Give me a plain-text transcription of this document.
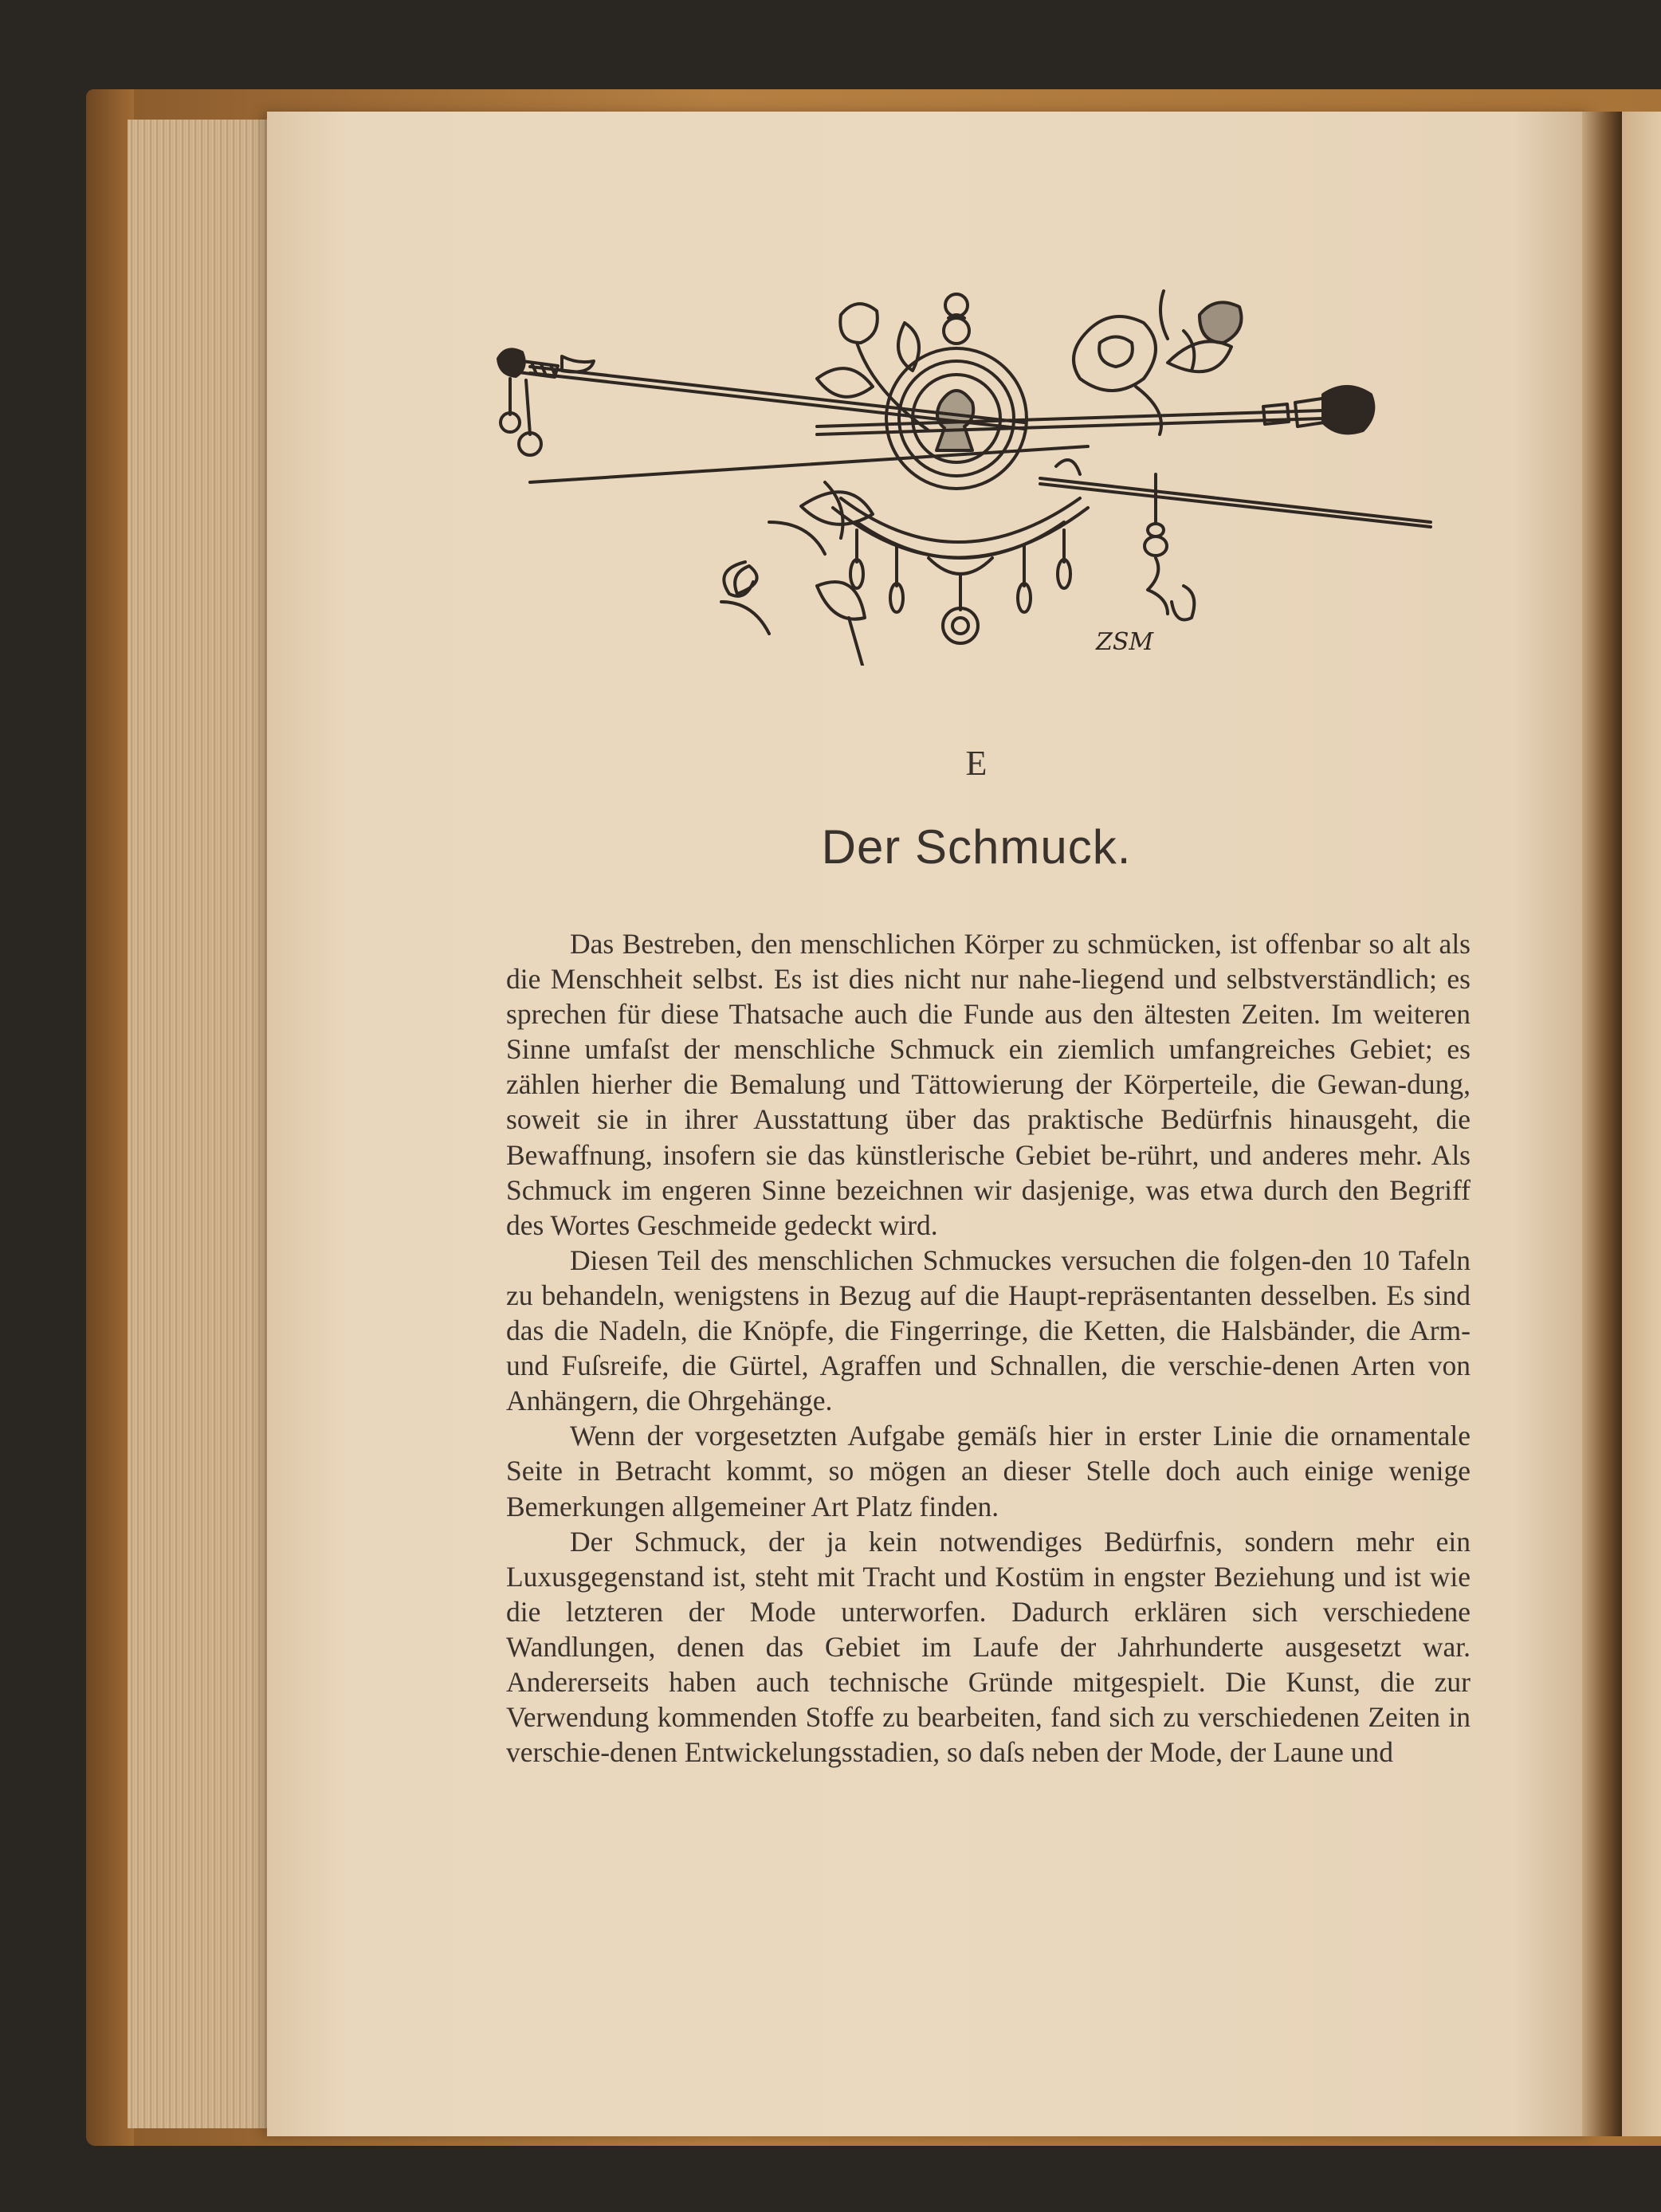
ZSM

E

Der Schmuck.

Das Bestreben, den menschlichen Körper zu schmücken, ist offenbar so alt als die Menschheit selbst. Es ist dies nicht nur nahe-liegend und selbstverständlich; es sprechen für diese Thatsache auch die Funde aus den ältesten Zeiten. Im weiteren Sinne umfaſst der menschliche Schmuck ein ziemlich umfangreiches Gebiet; es zählen hierher die Bemalung und Tättowierung der Körperteile, die Gewan-dung, soweit sie in ihrer Ausstattung über das praktische Bedürfnis hinausgeht, die Bewaffnung, insofern sie das künstlerische Gebiet be-rührt, und anderes mehr. Als Schmuck im engeren Sinne bezeichnen wir dasjenige, was etwa durch den Begriff des Wortes Geschmeide gedeckt wird.

Diesen Teil des menschlichen Schmuckes versuchen die folgen-den 10 Tafeln zu behandeln, wenigstens in Bezug auf die Haupt-repräsentanten desselben. Es sind das die Nadeln, die Knöpfe, die Fingerringe, die Ketten, die Halsbänder, die Arm- und Fuſsreife, die Gürtel, Agraffen und Schnallen, die verschie-denen Arten von Anhängern, die Ohrgehänge.

Wenn der vorgesetzten Aufgabe gemäſs hier in erster Linie die ornamentale Seite in Betracht kommt, so mögen an dieser Stelle doch auch einige wenige Bemerkungen allgemeiner Art Platz finden.

Der Schmuck, der ja kein notwendiges Bedürfnis, sondern mehr ein Luxusgegenstand ist, steht mit Tracht und Kostüm in engster Beziehung und ist wie die letzteren der Mode unterworfen. Dadurch erklären sich verschiedene Wandlungen, denen das Gebiet im Laufe der Jahrhunderte ausgesetzt war. Andererseits haben auch technische Gründe mitgespielt. Die Kunst, die zur Verwendung kommenden Stoffe zu bearbeiten, fand sich zu verschiedenen Zeiten in verschie-denen Entwickelungsstadien, so daſs neben der Mode, der Laune und
